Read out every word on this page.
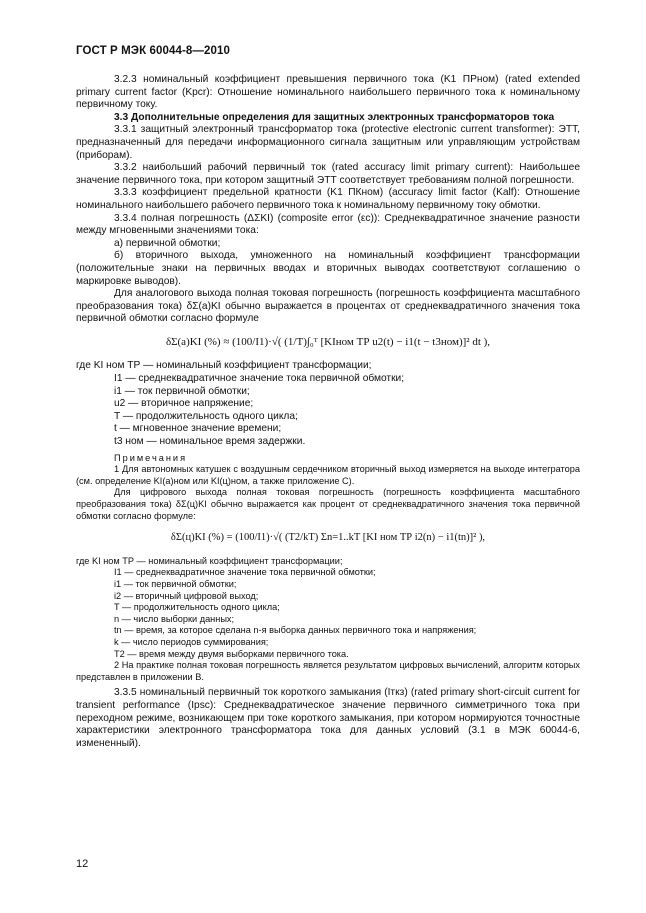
ГОСТ Р МЭК 60044-8—2010

3.2.3 номинальный коэффициент превышения первичного тока (K1 ПРном) (rated extended primary current factor (Kpcr): Отношение номинального наибольшего первичного тока к номинальному первичному току.

3.3 Дополнительные определения для защитных электронных трансформаторов тока

3.3.1 защитный электронный трансформатор тока (protective electronic current transformer): ЭТТ, предназначенный для передачи информационного сигнала защитным или управляющим устройствам (приборам).

3.3.2 наибольший рабочий первичный ток (rated accuracy limit primary current): Наибольшее значение первичного тока, при котором защитный ЭТТ соответствует требованиям полной погрешности.

3.3.3 коэффициент предельной кратности (K1 ПКном) (accuracy limit factor (Kalf): Отношение номинального наибольшего рабочего первичного тока к номинальному первичному току обмотки.

3.3.4 полная погрешность (ΔΣKI) (composite error (εc)): Среднеквадратичное значение разности между мгновенными значениями тока:

а) первичной обмотки;

б) вторичного выхода, умноженного на номинальный коэффициент трансформации (положительные знаки на первичных вводах и вторичных выводах соответствуют соглашению о маркировке выводов).

Для аналогового выхода полная токовая погрешность (погрешность коэффициента масштабного преобразования тока) δΣ(a)KI обычно выражается в процентах от среднеквадратичного значения тока первичной обмотки согласно формуле

δΣ(a)KI (%) ≈ (100/I1)·√( (1/T)∫₀ᵀ [KIном ТР u2(t) − i1(t − t3ном)]² dt ),

где KI ном ТР — номинальный коэффициент трансформации;

I1 — среднеквадратичное значение тока первичной обмотки;

i1 — ток первичной обмотки;

u2 — вторичное напряжение;

T — продолжительность одного цикла;

t — мгновенное значение времени;

t3 ном — номинальное время задержки.

Примечания

1 Для автономных катушек с воздушным сердечником вторичный выход измеряется на выходе интегратора (см. определение KI(a)ном или KI(ц)ном, а также приложение С).

Для цифрового выхода полная токовая погрешность (погрешность коэффициента масштабного преобразования тока) δΣ(ц)KI обычно выражается как процент от среднеквадратичного значения тока первичной обмотки согласно формуле:

δΣ(ц)KI (%) = (100/I1)·√( (T2/kT) Σn=1..kT [KI ном ТР i2(n) − i1(tn)]² ),

где KI ном ТР — номинальный коэффициент трансформации;

I1 — среднеквадратичное значение тока первичной обмотки;

i1 — ток первичной обмотки;

i2 — вторичный цифровой выход;

T — продолжительность одного цикла;

n — число выборки данных;

tn — время, за которое сделана n-я выборка данных первичного тока и напряжения;

k — число периодов суммирования;

T2 — время между двумя выборками первичного тока.

2 На практике полная токовая погрешность является результатом цифровых вычислений, алгоритм которых представлен в приложении В.

3.3.5 номинальный первичный ток короткого замыкания (Iткз) (rated primary short-circuit current for transient performance (Ipsc): Среднеквадратическое значение первичного симметричного тока при переходном режиме, возникающем при токе короткого замыкания, при котором нормируются точностные характеристики электронного трансформатора тока для данных условий (3.1 в МЭК 60044-6, измененный).

12
